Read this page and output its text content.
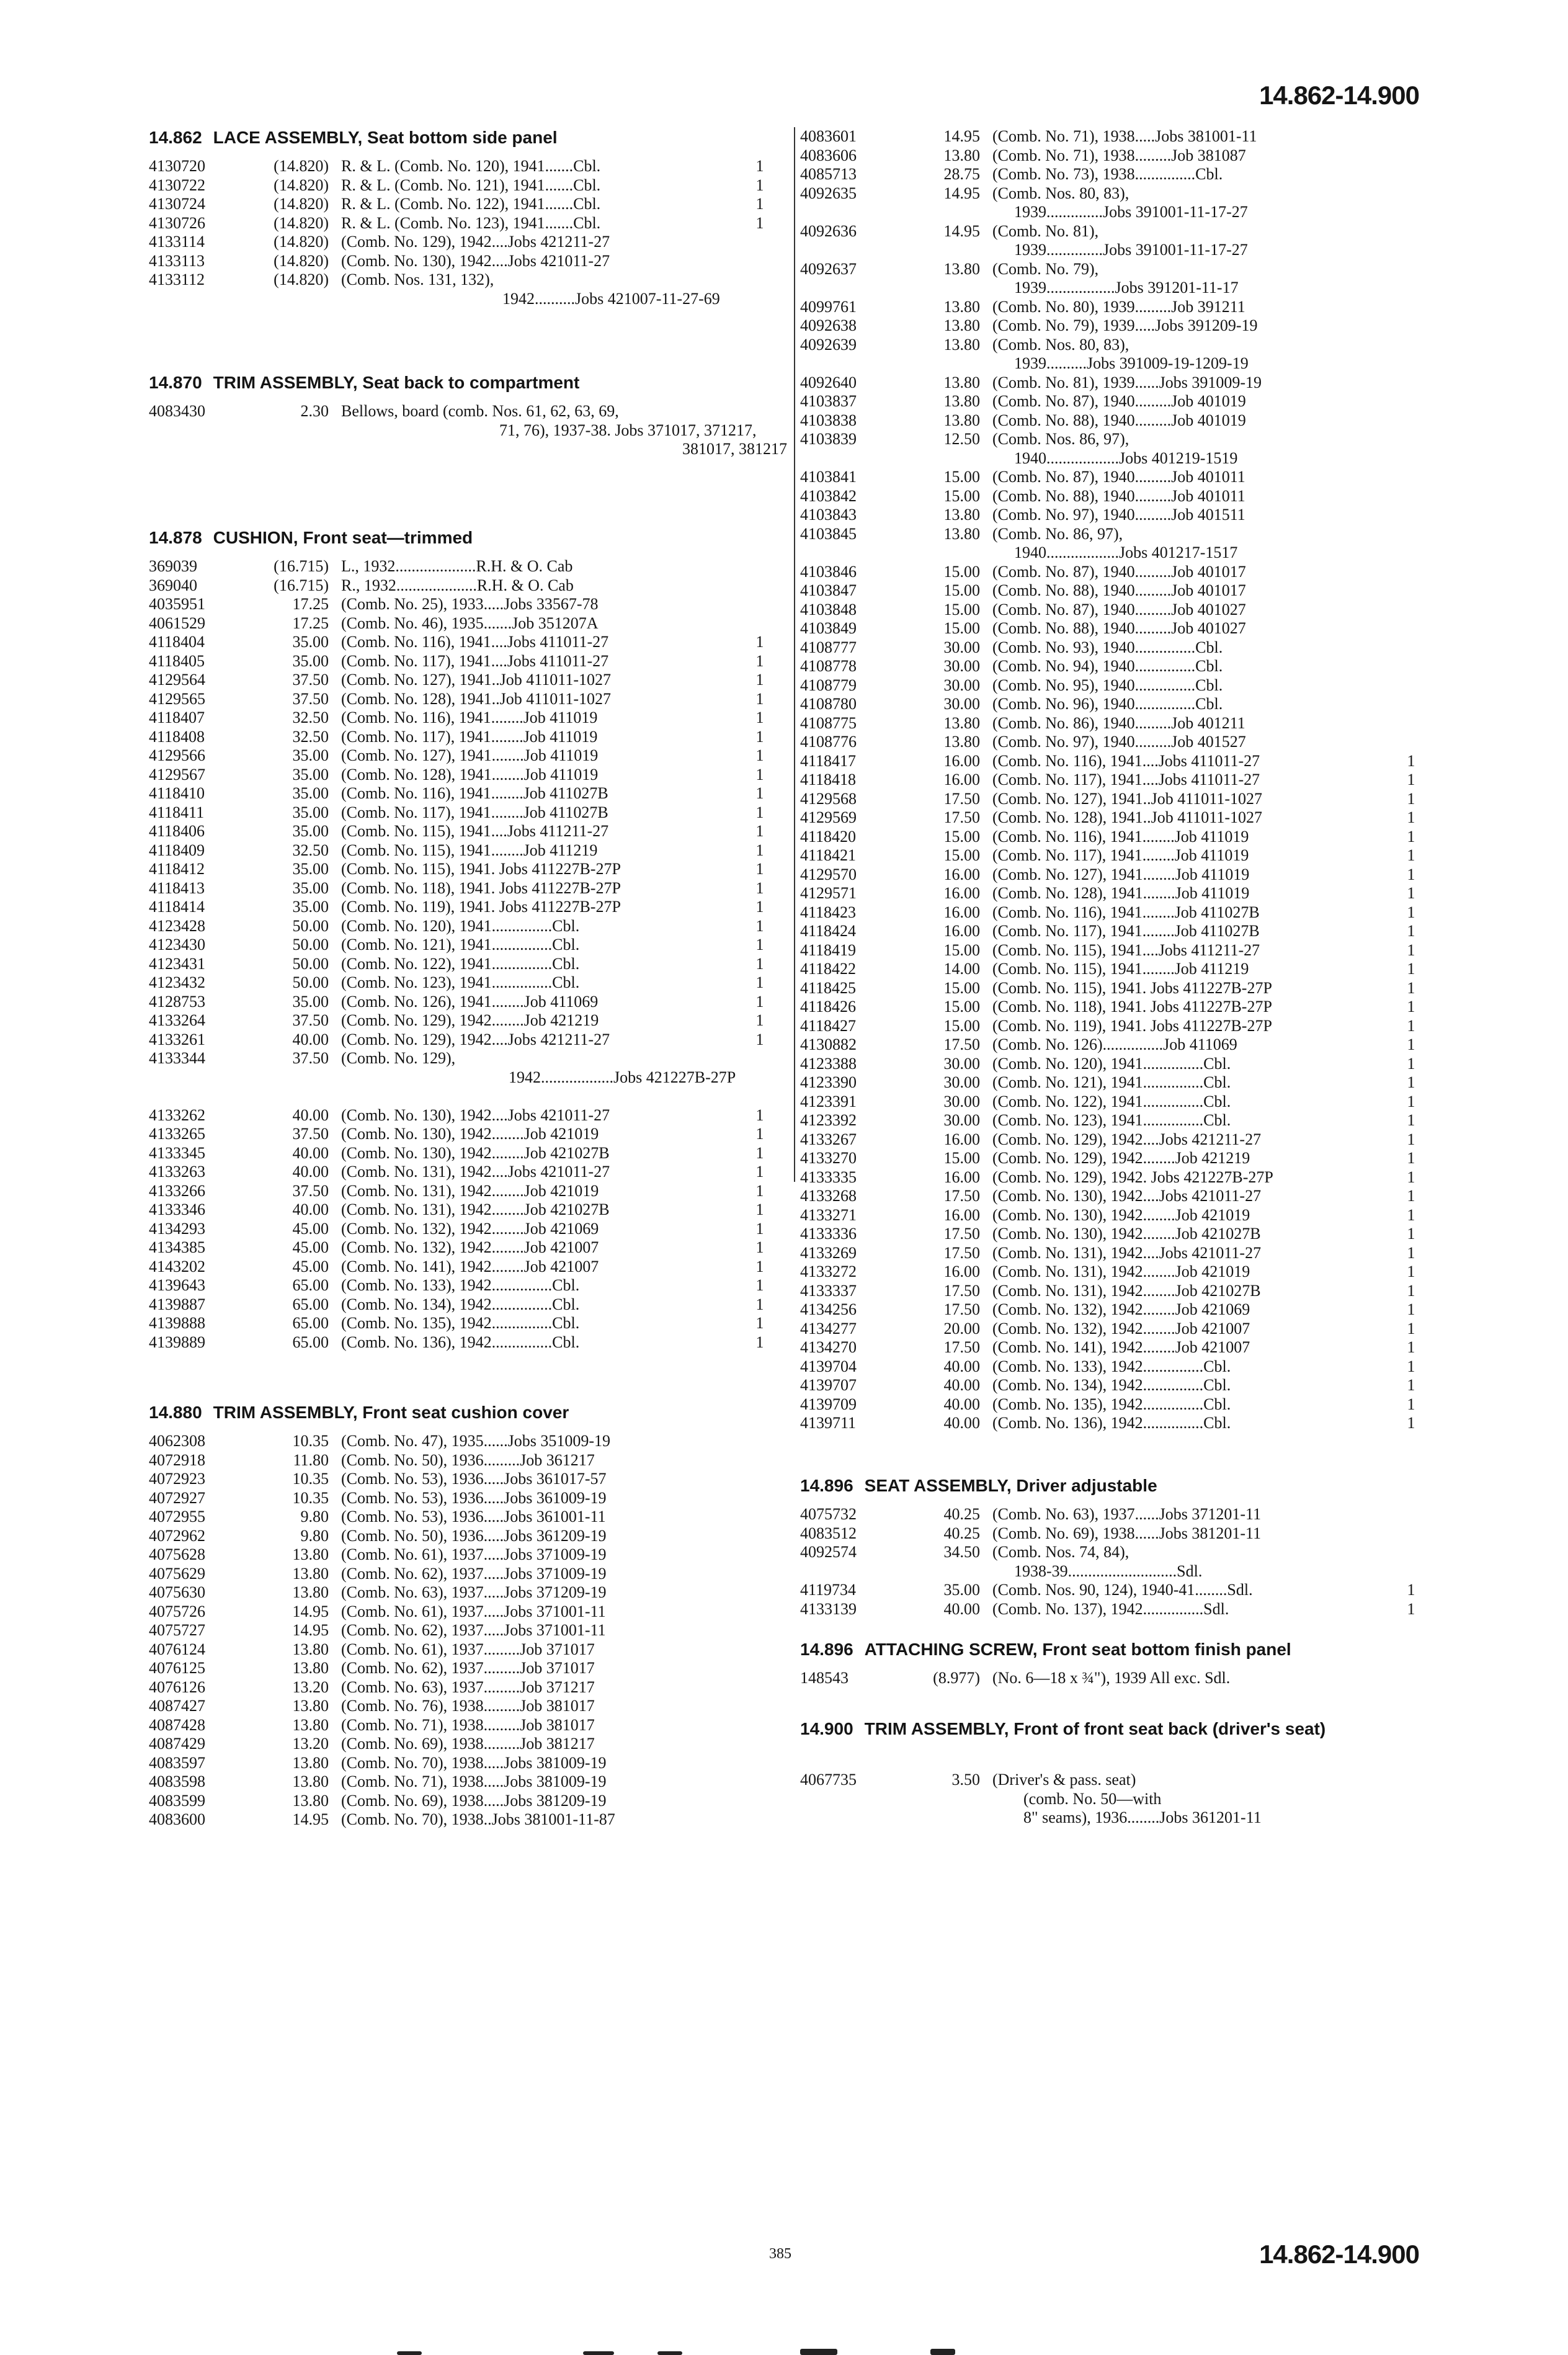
14.862-14.900
14.862 LACE ASSEMBLY, Seat bottom side panel
4130720	(14.820) R. & L. (Comb. No. 120), 1941.......Cbl.	1
4130722	(14.820) R. & L. (Comb. No. 121), 1941.......Cbl.	1
4130724	(14.820) R. & L. (Comb. No. 122), 1941.......Cbl.	1
4130726	(14.820) R. & L. (Comb. No. 123), 1941.......Cbl.	1
4133114	(14.820) (Comb. No. 129), 1942....Jobs 421211-27
4133113	(14.820) (Comb. No. 130), 1942....Jobs 421011-27
4133112	(14.820) (Comb. Nos. 131, 132),
1942..........Jobs 421007-11-27-69
14.870 TRIM ASSEMBLY, Seat back to compartment
4083430	2.30 Bellows, board (comb. Nos. 61, 62, 63, 69,
71, 76), 1937-38. Jobs 371017, 371217,
381017, 381217
14.878 CUSHION, Front seat—trimmed
369039	(16.715) L., 1932....................R.H. & O. Cab
369040	(16.715) R., 1932....................R.H. & O. Cab
4035951	17.25 (Comb. No. 25), 1933.....Jobs 33567-78
4061529	17.25 (Comb. No. 46), 1935.......Job 351207A
4118404	35.00 (Comb. No. 116), 1941....Jobs 411011-27	1
4118405	35.00 (Comb. No. 117), 1941....Jobs 411011-27	1
4129564	37.50 (Comb. No. 127), 1941..Job 411011-1027	1
4129565	37.50 (Comb. No. 128), 1941..Job 411011-1027	1
4118407	32.50 (Comb. No. 116), 1941........Job 411019	1
4118408	32.50 (Comb. No. 117), 1941........Job 411019	1
4129566	35.00 (Comb. No. 127), 1941........Job 411019	1
4129567	35.00 (Comb. No. 128), 1941........Job 411019	1
4118410	35.00 (Comb. No. 116), 1941........Job 411027B	1
4118411	35.00 (Comb. No. 117), 1941........Job 411027B	1
4118406	35.00 (Comb. No. 115), 1941....Jobs 411211-27	1
4118409	32.50 (Comb. No. 115), 1941........Job 411219	1
4118412	35.00 (Comb. No. 115), 1941. Jobs 411227B-27P	1
4118413	35.00 (Comb. No. 118), 1941. Jobs 411227B-27P	1
4118414	35.00 (Comb. No. 119), 1941. Jobs 411227B-27P	1
4123428	50.00 (Comb. No. 120), 1941...............Cbl.	1
4123430	50.00 (Comb. No. 121), 1941...............Cbl.	1
4123431	50.00 (Comb. No. 122), 1941...............Cbl.	1
4123432	50.00 (Comb. No. 123), 1941...............Cbl.	1
4128753	35.00 (Comb. No. 126), 1941........Job 411069	1
4133264	37.50 (Comb. No. 129), 1942........Job 421219	1
4133261	40.00 (Comb. No. 129), 1942....Jobs 421211-27	1
4133344	37.50 (Comb. No. 129),
1942..................Jobs 421227B-27P
4133262	40.00 (Comb. No. 130), 1942....Jobs 421011-27	1
4133265	37.50 (Comb. No. 130), 1942........Job 421019	1
4133345	40.00 (Comb. No. 130), 1942........Job 421027B	1
4133263	40.00 (Comb. No. 131), 1942....Jobs 421011-27	1
4133266	37.50 (Comb. No. 131), 1942........Job 421019	1
4133346	40.00 (Comb. No. 131), 1942........Job 421027B	1
4134293	45.00 (Comb. No. 132), 1942........Job 421069	1
4134385	45.00 (Comb. No. 132), 1942........Job 421007	1
4143202	45.00 (Comb. No. 141), 1942........Job 421007	1
4139643	65.00 (Comb. No. 133), 1942...............Cbl.	1
4139887	65.00 (Comb. No. 134), 1942...............Cbl.	1
4139888	65.00 (Comb. No. 135), 1942...............Cbl.	1
4139889	65.00 (Comb. No. 136), 1942...............Cbl.	1
14.880 TRIM ASSEMBLY, Front seat cushion cover
4062308	10.35 (Comb. No. 47), 1935......Jobs 351009-19
4072918	11.80 (Comb. No. 50), 1936.........Job 361217
4072923	10.35 (Comb. No. 53), 1936.....Jobs 361017-57
4072927	10.35 (Comb. No. 53), 1936.....Jobs 361009-19
4072955	9.80 (Comb. No. 53), 1936.....Jobs 361001-11
4072962	9.80 (Comb. No. 50), 1936.....Jobs 361209-19
4075628	13.80 (Comb. No. 61), 1937.....Jobs 371009-19
4075629	13.80 (Comb. No. 62), 1937.....Jobs 371009-19
4075630	13.80 (Comb. No. 63), 1937.....Jobs 371209-19
4075726	14.95 (Comb. No. 61), 1937.....Jobs 371001-11
4075727	14.95 (Comb. No. 62), 1937.....Jobs 371001-11
4076124	13.80 (Comb. No. 61), 1937.........Job 371017
4076125	13.80 (Comb. No. 62), 1937.........Job 371017
4076126	13.20 (Comb. No. 63), 1937.........Job 371217
4087427	13.80 (Comb. No. 76), 1938.........Job 381017
4087428	13.80 (Comb. No. 71), 1938.........Job 381017
4087429	13.20 (Comb. No. 69), 1938.........Job 381217
4083597	13.80 (Comb. No. 70), 1938.....Jobs 381009-19
4083598	13.80 (Comb. No. 71), 1938.....Jobs 381009-19
4083599	13.80 (Comb. No. 69), 1938.....Jobs 381209-19
4083600	14.95 (Comb. No. 70), 1938..Jobs 381001-11-87
4083601	14.95 (Comb. No. 71), 1938.....Jobs 381001-11
4083606	13.80 (Comb. No. 71), 1938.........Job 381087
4085713	28.75 (Comb. No. 73), 1938...............Cbl.
4092635	14.95 (Comb. Nos. 80, 83),
1939..............Jobs 391001-11-17-27
4092636	14.95 (Comb. No. 81),
1939..............Jobs 391001-11-17-27
4092637	13.80 (Comb. No. 79),
1939.................Jobs 391201-11-17
4099761	13.80 (Comb. No. 80), 1939.........Job 391211
4092638	13.80 (Comb. No. 79), 1939.....Jobs 391209-19
4092639	13.80 (Comb. Nos. 80, 83),
1939..........Jobs 391009-19-1209-19
4092640	13.80 (Comb. No. 81), 1939......Jobs 391009-19
4103837	13.80 (Comb. No. 87), 1940.........Job 401019
4103838	13.80 (Comb. No. 88), 1940.........Job 401019
4103839	12.50 (Comb. Nos. 86, 97),
1940..................Jobs 401219-1519
4103841	15.00 (Comb. No. 87), 1940.........Job 401011
4103842	15.00 (Comb. No. 88), 1940.........Job 401011
4103843	13.80 (Comb. No. 97), 1940.........Job 401511
4103845	13.80 (Comb. No. 86, 97),
1940..................Jobs 401217-1517
4103846	15.00 (Comb. No. 87), 1940.........Job 401017
4103847	15.00 (Comb. No. 88), 1940.........Job 401017
4103848	15.00 (Comb. No. 87), 1940.........Job 401027
4103849	15.00 (Comb. No. 88), 1940.........Job 401027
4108777	30.00 (Comb. No. 93), 1940...............Cbl.
4108778	30.00 (Comb. No. 94), 1940...............Cbl.
4108779	30.00 (Comb. No. 95), 1940...............Cbl.
4108780	30.00 (Comb. No. 96), 1940...............Cbl.
4108775	13.80 (Comb. No. 86), 1940.........Job 401211
4108776	13.80 (Comb. No. 97), 1940.........Job 401527
4118417	16.00 (Comb. No. 116), 1941....Jobs 411011-27	1
4118418	16.00 (Comb. No. 117), 1941....Jobs 411011-27	1
4129568	17.50 (Comb. No. 127), 1941..Job 411011-1027	1
4129569	17.50 (Comb. No. 128), 1941..Job 411011-1027	1
4118420	15.00 (Comb. No. 116), 1941........Job 411019	1
4118421	15.00 (Comb. No. 117), 1941........Job 411019	1
4129570	16.00 (Comb. No. 127), 1941........Job 411019	1
4129571	16.00 (Comb. No. 128), 1941........Job 411019	1
4118423	16.00 (Comb. No. 116), 1941........Job 411027B	1
4118424	16.00 (Comb. No. 117), 1941........Job 411027B	1
4118419	15.00 (Comb. No. 115), 1941....Jobs 411211-27	1
4118422	14.00 (Comb. No. 115), 1941........Job 411219	1
4118425	15.00 (Comb. No. 115), 1941. Jobs 411227B-27P	1
4118426	15.00 (Comb. No. 118), 1941. Jobs 411227B-27P	1
4118427	15.00 (Comb. No. 119), 1941. Jobs 411227B-27P	1
4130882	17.50 (Comb. No. 126)...............Job 411069	1
4123388	30.00 (Comb. No. 120), 1941...............Cbl.	1
4123390	30.00 (Comb. No. 121), 1941...............Cbl.	1
4123391	30.00 (Comb. No. 122), 1941...............Cbl.	1
4123392	30.00 (Comb. No. 123), 1941...............Cbl.	1
4133267	16.00 (Comb. No. 129), 1942....Jobs 421211-27	1
4133270	15.00 (Comb. No. 129), 1942........Job 421219	1
4133335	16.00 (Comb. No. 129), 1942. Jobs 421227B-27P	1
4133268	17.50 (Comb. No. 130), 1942....Jobs 421011-27	1
4133271	16.00 (Comb. No. 130), 1942........Job 421019	1
4133336	17.50 (Comb. No. 130), 1942........Job 421027B	1
4133269	17.50 (Comb. No. 131), 1942....Jobs 421011-27	1
4133272	16.00 (Comb. No. 131), 1942........Job 421019	1
4133337	17.50 (Comb. No. 131), 1942........Job 421027B	1
4134256	17.50 (Comb. No. 132), 1942........Job 421069	1
4134277	20.00 (Comb. No. 132), 1942........Job 421007	1
4134270	17.50 (Comb. No. 141), 1942........Job 421007	1
4139704	40.00 (Comb. No. 133), 1942...............Cbl.	1
4139707	40.00 (Comb. No. 134), 1942...............Cbl.	1
4139709	40.00 (Comb. No. 135), 1942...............Cbl.	1
4139711	40.00 (Comb. No. 136), 1942...............Cbl.	1
14.896 SEAT ASSEMBLY, Driver adjustable
4075732	40.25 (Comb. No. 63), 1937......Jobs 371201-11
4083512	40.25 (Comb. No. 69), 1938......Jobs 381201-11
4092574	34.50 (Comb. Nos. 74, 84),
1938-39...........................Sdl.
4119734	35.00 (Comb. Nos. 90, 124), 1940-41........Sdl.	1
4133139	40.00 (Comb. No. 137), 1942...............Sdl.	1
14.896 ATTACHING SCREW, Front seat bottom finish panel
148543	(8.977) (No. 6—18 x ¾"), 1939 All exc. Sdl.
14.900 TRIM ASSEMBLY, Front of front seat back (driver's seat)
4067735	3.50 (Driver's & pass. seat)
(comb. No. 50—with
8" seams), 1936........Jobs 361201-11
14.862-14.900
385
